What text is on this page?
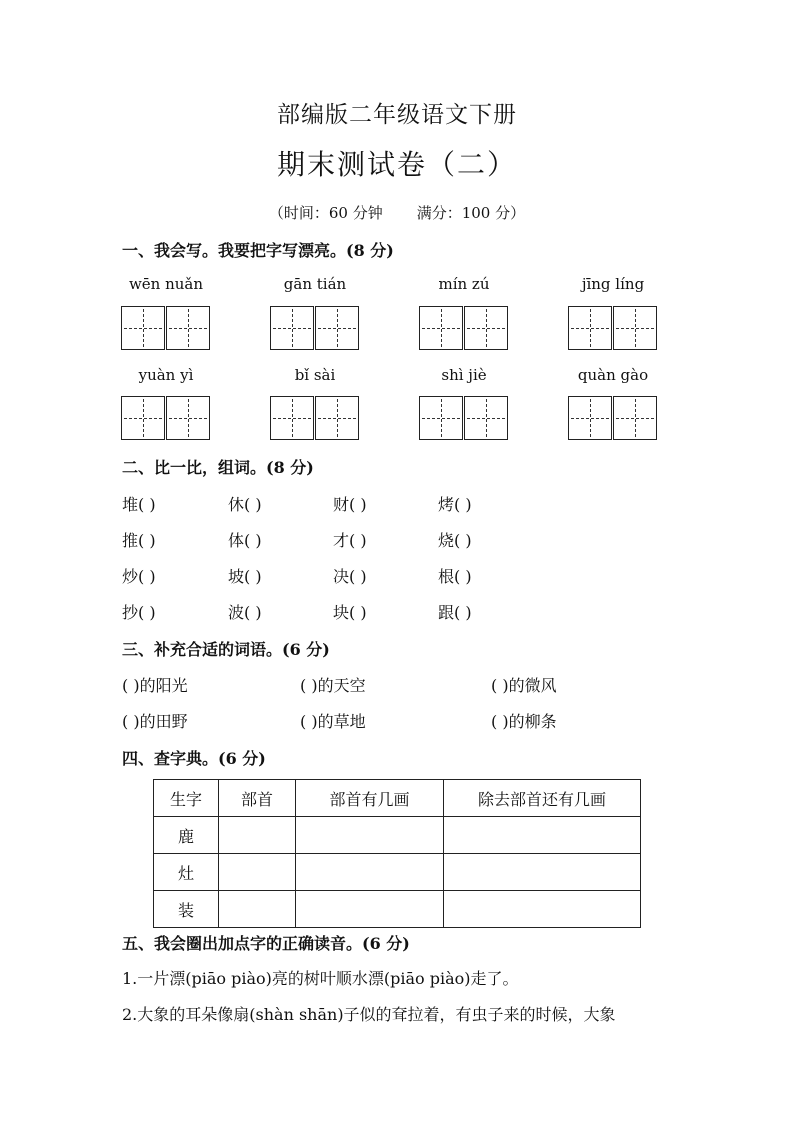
部编版二年级语文下册
期末测试卷（二）
（时间：60 分钟 满分：100 分）
一、我会写。我要把字写漂亮。(8 分)
wēn nuǎn	gān tián	mín zú	jīng líng
yuàn yì	bǐ sài	shì jiè	quàn gào
二、比一比，组词。(8 分)
堆( )	休( )	财( )	烤( )
推( )	体( )	才( )	烧( )
炒( )	坡( )	决( )	根( )
抄( )	波( )	块( )	跟( )
三、补充合适的词语。(6 分)
( )的阳光	( )的天空	( )的微风
( )的田野	( )的草地	( )的柳条
四、查字典。(6 分)
生字	部首	部首有几画	除去部首还有几画
鹿			
灶			
装			
五、我会圈出加点字的正确读音。(6 分)
1.一片漂(piāo piào)亮的树叶顺水漂(piāo piào)走了。
2.大象的耳朵像扇(shàn shān)子似的耷拉着，有虫子来的时候，大象
